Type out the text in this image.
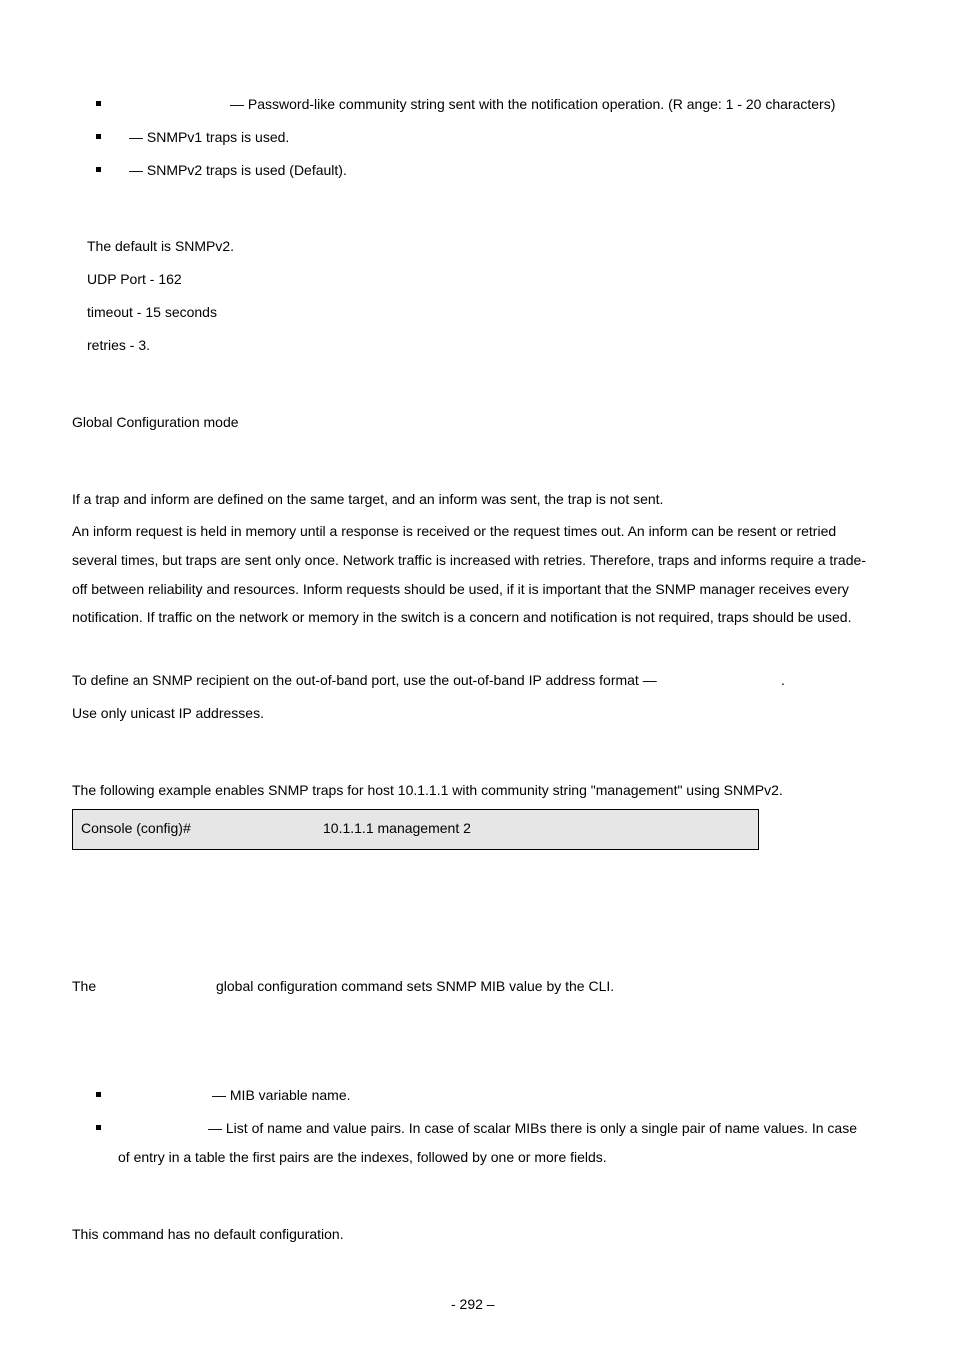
— Password-like community string sent with the notification operation. (R ange: 1 - 20 characters)
— SNMPv1 traps is used.
— SNMPv2 traps is used (Default).
The default is SNMPv2.
UDP Port - 162
timeout - 15 seconds
retries - 3.
Global Configuration mode
If a trap and inform are defined on the same target, and an inform was sent, the trap is not sent.
An inform request is held in memory until a response is received or the request times out. An inform can be resent or retried several times, but traps are sent only once. Network traffic is increased with retries. Therefore, traps and informs require a trade-off between reliability and resources. Inform requests should be used, if it is important that the SNMP manager receives every notification. If traffic on the network or memory in the switch is a concern and notification is not required, traps should be used.
To define an SNMP recipient on the out-of-band port, use the out-of-band IP address format —	.
Use only unicast IP addresses.
The following example enables SNMP traps for host 10.1.1.1 with community string "management" using SNMPv2.
Console (config)#	10.1.1.1 management 2
The	global configuration command sets SNMP MIB value by the CLI.
— MIB variable name.
— List of name and value pairs. In case of scalar MIBs there is only a single pair of name values. In case
of entry in a table the first pairs are the indexes, followed by one or more fields.
This command has no default configuration.
- 292 –
